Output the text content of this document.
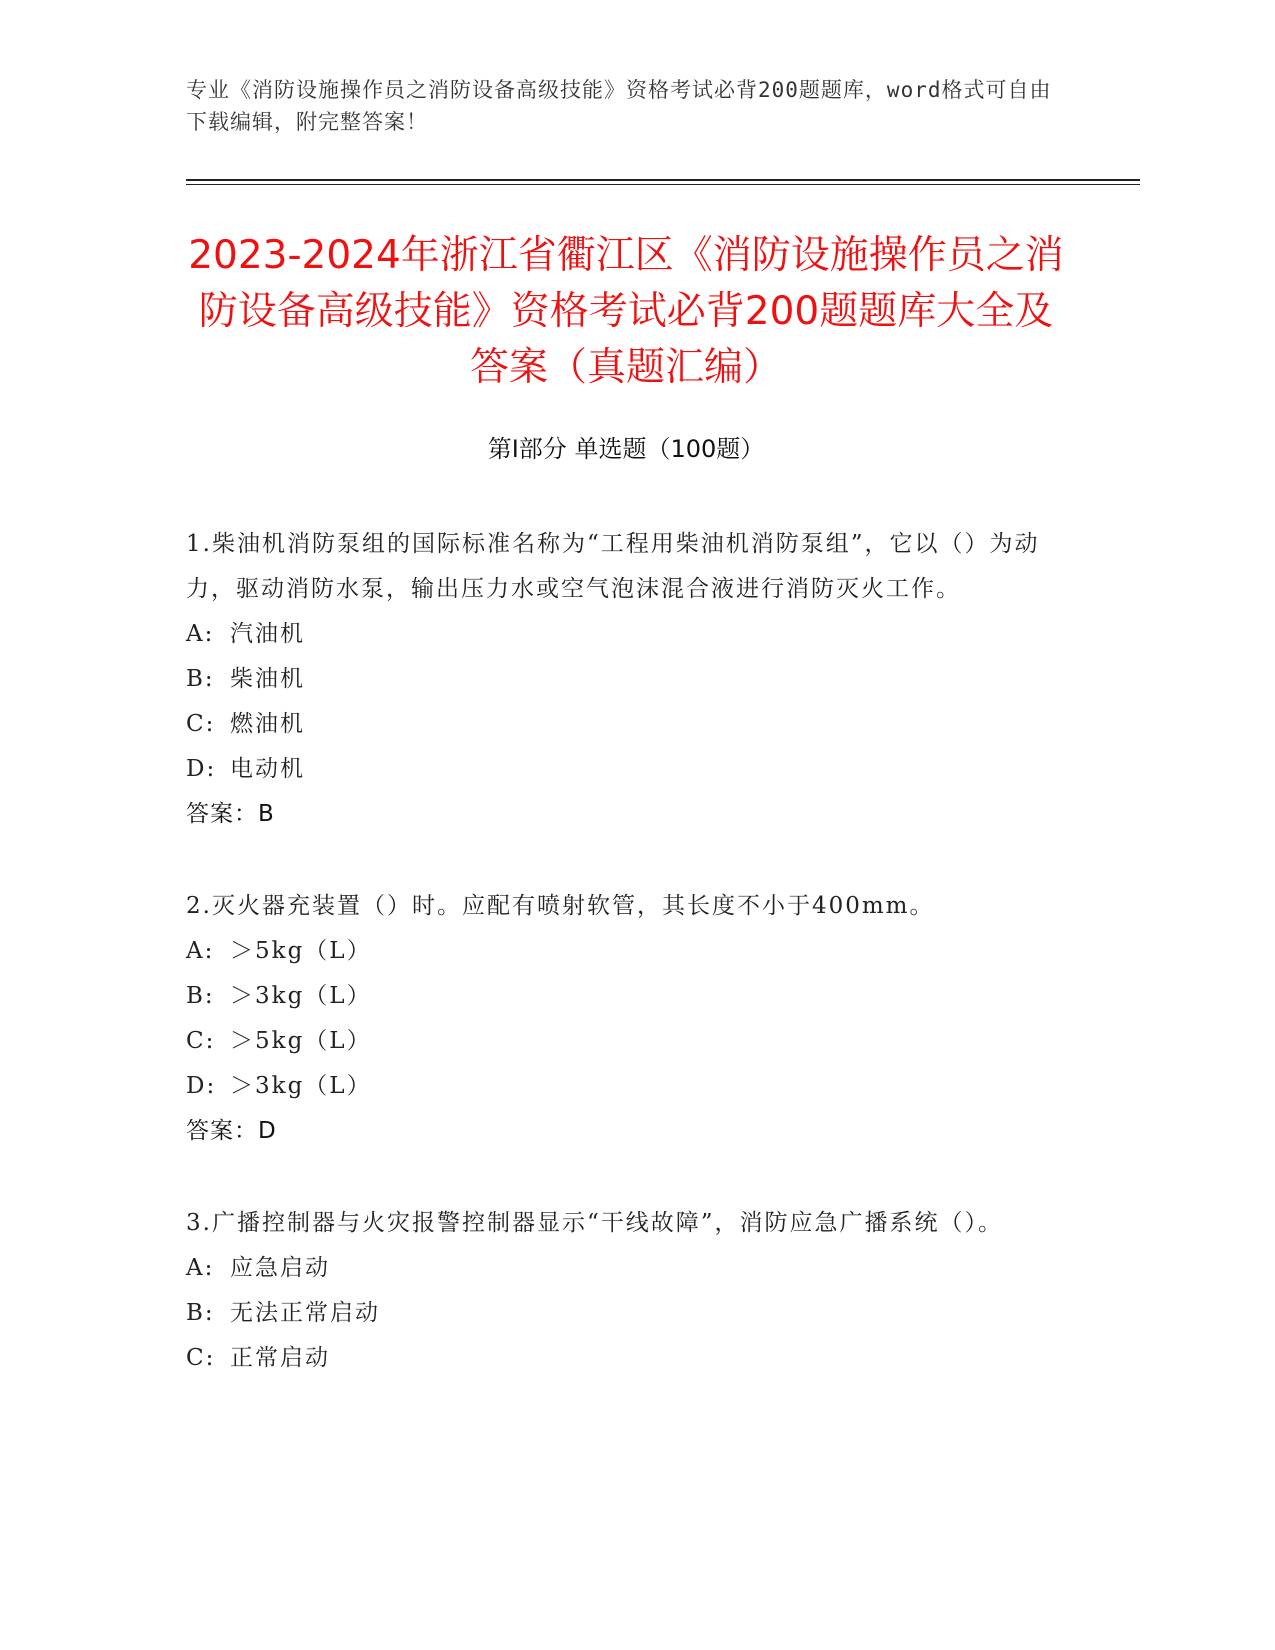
专业《消防设施操作员之消防设备高级技能》资格考试必背200题题库，word格式可自由下载编辑，附完整答案！
2023-2024年浙江省衢江区《消防设施操作员之消防设备高级技能》资格考试必背200题题库大全及答案（真题汇编）
第I部分 单选题（100题）
1.柴油机消防泵组的国际标准名称为“工程用柴油机消防泵组”，它以（）为动力，驱动消防水泵，输出压力水或空气泡沫混合液进行消防灭火工作。
A: 汽油机
B: 柴油机
C: 燃油机
D: 电动机
答案：B
2.灭火器充装置（）时。应配有喷射软管，其长度不小于400mm。
A: ＞5kg（L）
B: ＞3kg（L）
C: ＞5kg（L）
D: ＞3kg（L）
答案：D
3.广播控制器与火灾报警控制器显示“干线故障”，消防应急广播系统（）。
A: 应急启动
B: 无法正常启动
C: 正常启动
